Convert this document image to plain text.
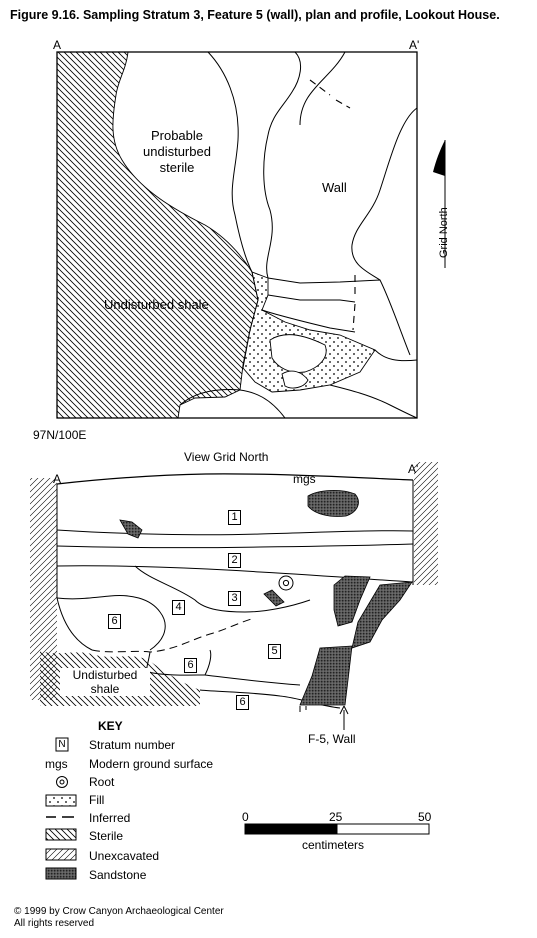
Figure 9.16. Sampling Stratum 3, Feature 5 (wall), plan and profile, Lookout House.
A	A'
Probable undisturbed
sterile
Wall
Undisturbed shale
Grid North
97N/100E
View Grid North
A
A'
mgs
1
2
3
4
5
6
6
6
Undisturbed
shale
F-5, Wall
KEY
N Stratum number
mgs Modern ground surface
Root
Fill
Inferred
Sterile
Unexcavated
Sandstone
0	25	50
centimeters
© 1999 by Crow Canyon Archaeological Center
All rights reserved
